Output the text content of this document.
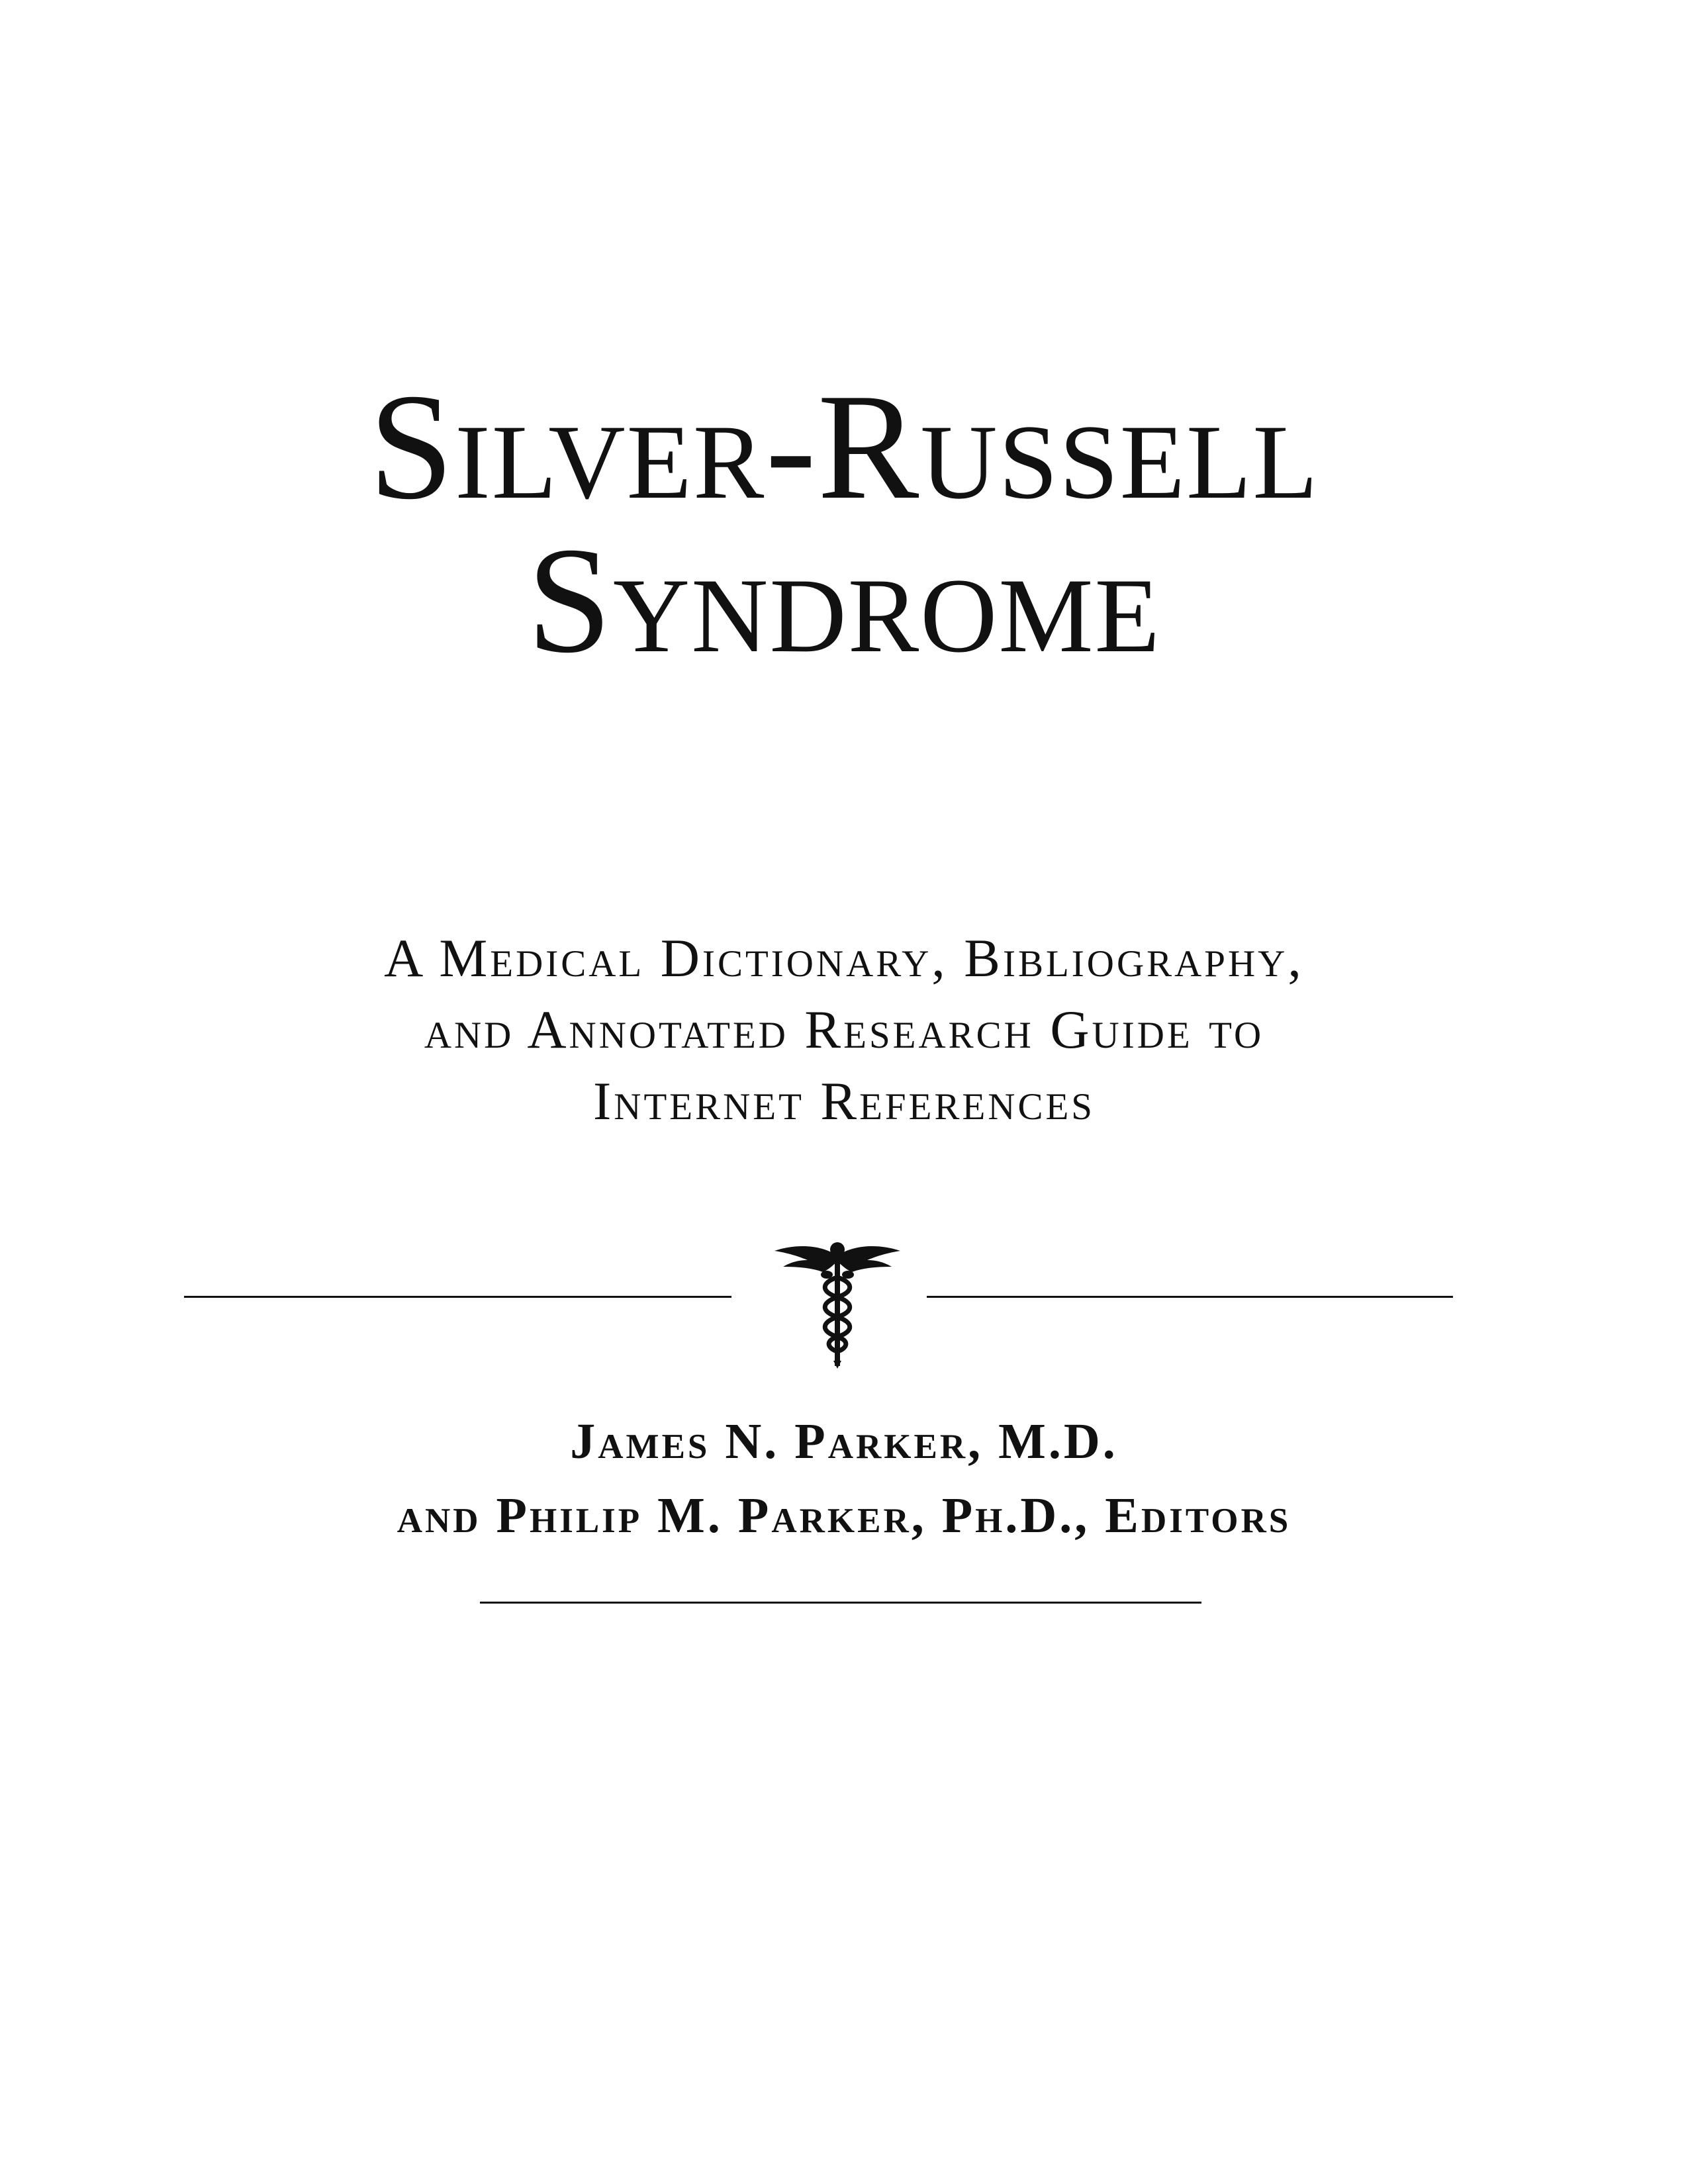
Silver-Russell
Syndrome
A Medical Dictionary, Bibliography,
and Annotated Research Guide to
Internet References
James N. Parker, M.D.
and Philip M. Parker, Ph.D., Editors
